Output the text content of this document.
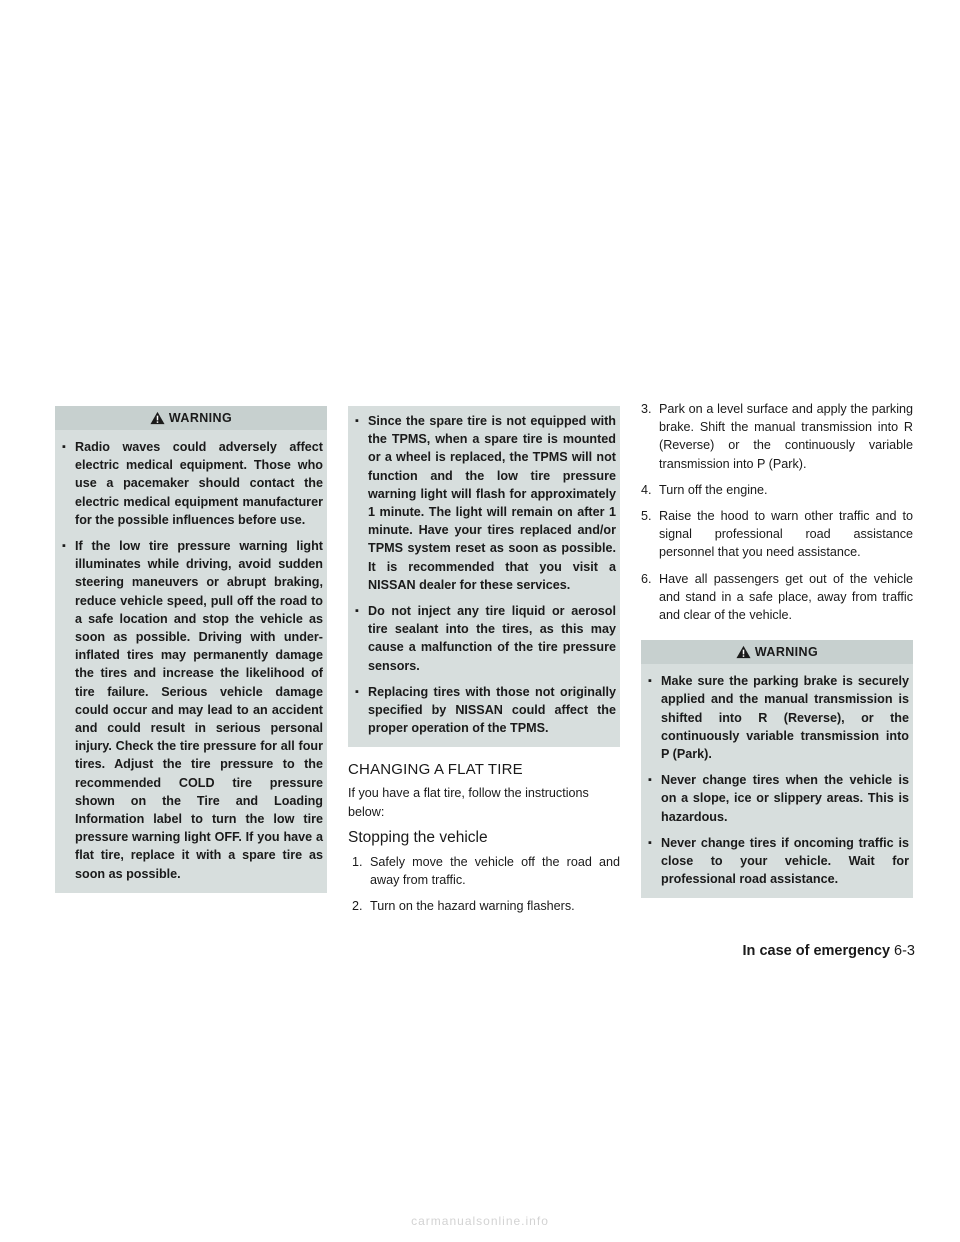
WARNING
▪ Radio waves could adversely affect electric medical equipment. Those who use a pacemaker should contact the electric medical equipment manufacturer for the possible influences before use.
▪ If the low tire pressure warning light illuminates while driving, avoid sudden steering maneuvers or abrupt braking, reduce vehicle speed, pull off the road to a safe location and stop the vehicle as soon as possible. Driving with under-inflated tires may permanently damage the tires and increase the likelihood of tire failure. Serious vehicle damage could occur and may lead to an accident and could result in serious personal injury. Check the tire pressure for all four tires. Adjust the tire pressure to the recommended COLD tire pressure shown on the Tire and Loading Information label to turn the low tire pressure warning light OFF. If you have a flat tire, replace it with a spare tire as soon as possible.
▪ Since the spare tire is not equipped with the TPMS, when a spare tire is mounted or a wheel is replaced, the TPMS will not function and the low tire pressure warning light will flash for approximately 1 minute. The light will remain on after 1 minute. Have your tires replaced and/or TPMS system reset as soon as possible. It is recommended that you visit a NISSAN dealer for these services.
▪ Do not inject any tire liquid or aerosol tire sealant into the tires, as this may cause a malfunction of the tire pressure sensors.
▪ Replacing tires with those not originally specified by NISSAN could affect the proper operation of the TPMS.
CHANGING A FLAT TIRE

If you have a flat tire, follow the instructions below:

Stopping the vehicle
1. Safely move the vehicle off the road and away from traffic.
2. Turn on the hazard warning flashers.
3. Park on a level surface and apply the parking brake. Shift the manual transmission into R (Reverse) or the continuously variable transmission into P (Park).
4. Turn off the engine.
5. Raise the hood to warn other traffic and to signal professional road assistance personnel that you need assistance.
6. Have all passengers get out of the vehicle and stand in a safe place, away from traffic and clear of the vehicle.
WARNING
▪ Make sure the parking brake is securely applied and the manual transmission is shifted into R (Reverse), or the continuously variable transmission into P (Park).
▪ Never change tires when the vehicle is on a slope, ice or slippery areas. This is hazardous.
▪ Never change tires if oncoming traffic is close to your vehicle. Wait for professional road assistance.
In case of emergency 6-3
carmanualsonline.info
